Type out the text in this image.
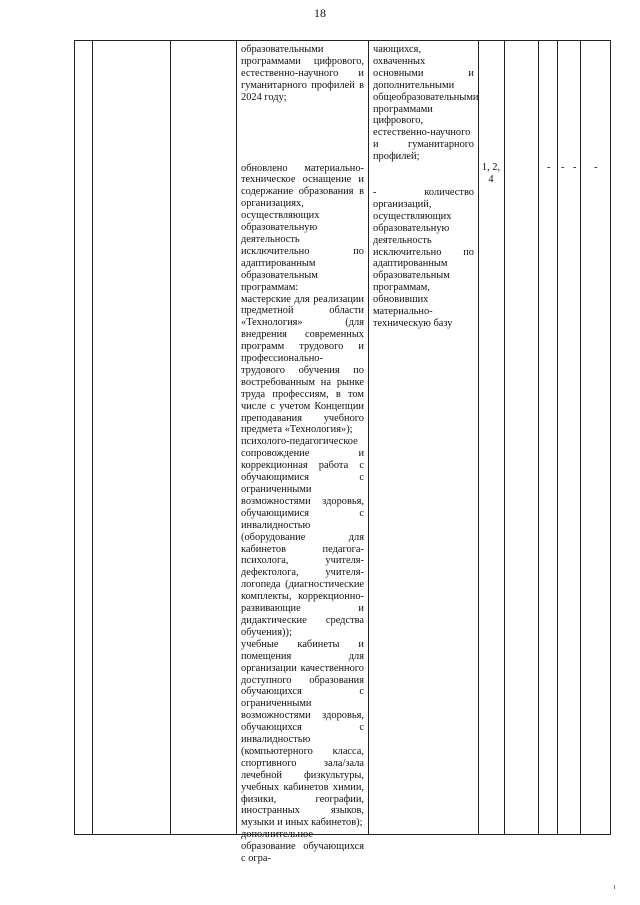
18

образовательными программами цифрового, естественно-научного и гуманитарного профилей в 2024 году;

обновлено материально-техническое оснащение и содержание образования в организациях, осуществляющих образовательную деятельность исключительно по адаптированным образовательным программам:

мастерские для реализации предметной области «Технология» (для внедрения современных программ трудового и профессионально-трудового обучения по востребованным на рынке труда профессиям, в том числе с учетом Концепции преподавания учебного предмета «Технология»);

психолого-педагогическое сопровождение и коррекционная работа с обучающимися с ограниченными возможностями здоровья, обучающимися с инвалидностью (оборудование для кабинетов педагога-психолога, учителя-дефектолога, учителя-логопеда (диагностические комплекты, коррекционно-развивающие и дидактические средства обучения));

учебные кабинеты и помещения для организации качественного доступного образования обучающихся с ограниченными возможностями здоровья, обучающихся с инвалидностью (компьютерного класса, спортивного зала/зала лечебной физкультуры, учебных кабинетов химии, физики, географии, иностранных языков, музыки и иных кабинетов);

дополнительное образование обучающихся с огра-

чающихся, охваченных основными и дополнительными общеобразовательными программами цифрового, естественно-научного и гуманитарного профилей;

- количество организаций, осуществляющих образовательную деятельность исключительно по адаптированным образовательным программам, обновивших материально-техническую базу

1, 2,
4
- - - -
